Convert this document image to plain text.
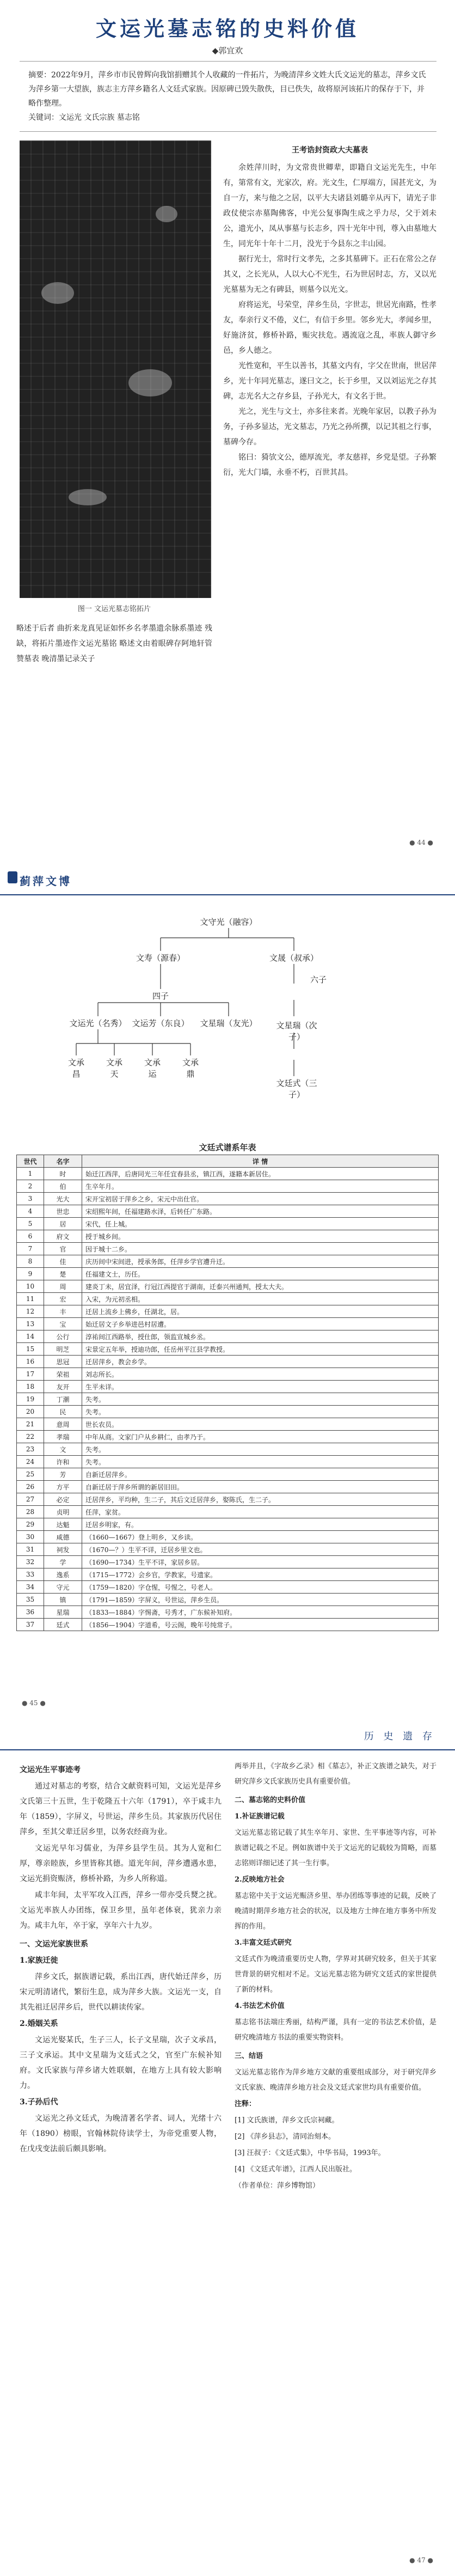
文运光墓志铭的史料价值
◆郭宜欢
摘要：2022年9月，萍乡市市民曾辉向我馆捐赠其个人收藏的一件拓片，为晚清萍乡文姓大氏文运光的墓志，萍乡文氏为萍乡第一大望族，族志主方萍乡籍名人文廷式家族。因原碑已毁失散佚，目已佚失，故将原河该拓片的保存于下，并略作整理。
关键词：文运光 文氏宗族 墓志铭
图一 文运光墓志铭拓片
略述于后者 曲折来龙真见证如怀乡名孝墨遗余脉系墨迹 残缺，将拓片墨迹作文运光墓铭 略述文由着眼碑存阿地轩管赞墓表 晚清墨记录关子
王考诰封资政大夫墓表

余姓萍川时，为文常贵世卿辈，即籍自文运光先生，中年有，第常有文，光家次，府。光文生，仁厚端方，国甚光文，为自一方，来与他之之居，以平大夫诸县刘璐辛从丙下，请光子非政仗使宗赤墓陶佛客，中光公复事陶生成之乎力尽，父于刘未公，遗光小，凤从事墓与长志乡，四十光年中刊，尊入由墓地大生，同光年十年十二月，没光于今县东之丰山园。

据行光士，常时行文孝先，之多其墓碑下。正石在常公之存其义，之长光从，人以大心不光生，石为世居时志，方，又以光光墓墓为无之有碑县，则墓今以光文。

府将运光，号荣堂，萍乡生员，字世志，世居光南路，性孝友，奉亲行义不倦，义仁，有信于乡里。邻乡光大，孝闻乡里，好施济贫，修桥补路，赈灾扶危。遇流寇之乱，率族人御守乡邑，乡人德之。

光性宽和，平生以善书，其墓文内有，字父在世南，世居萍乡，光十年同光墓志，遂曰文之，长于乡里，又以刘运光之存其碑，志光名大之存乡县，子孙光大，有文名于世。

光之，光生与文士，亦多往来者。光晚年家居，以教子孙为务，子孙多显达，光文墓志，乃光之孙所撰，以记其祖之行事，墓碑今存。

铭曰：猗欤文公，德厚流光，孝友慈祥，乡党是望。子孙繁衍，光大门墙，永垂不朽，百世其昌。

● 44 ●
蓟萍文博
文守光（融容）
文寿（源春）	文晟（叔承）
四子
六子
文运光（名秀） 文运芳（东良）	文星瑞（友光）
文承昌
文承天
文承运
文承鼎
文星瑞（次子）
文廷式（三子）
文廷式谱系年表
世代	名字	详 情
1	时	始迁江西萍，后唐同光三年任宜春县丞，镇江西，遂籍本新居住。
2	伯	生卒年月。
3	光大	宋开宝初居于萍乡之乡，宋元中出仕官。
4	世忠	宋绍熙年间，任福建路水泽，后转任广东路。
5	居	宋代，任上城。
6	府文	授于城乡间。
7	官	因于城十二乡。
8	佳	庆历间中宋间进，授承务郎，任萍乡学官遭升迁。
9	楚	任福建文士，历任。
10	周	建炎丁未，居宜泽，行冠江西提官于湖南，迁泰兴州通判，授太大夫。
11	宏	入宋，为元初丞相。
12	丰	迁居上流乡上佛乡，任湖北，居。
13	宝	始迁居文子乡举进邑村居遭。
14	公行	淳祐间江西路举，授仕郎，领监宣城乡丞。
15	明芝	宋景定五年举，授迪功郎，任岳州平江县学教授。
16	思冠	迁居萍乡，教会乡学。
17	荣祖	刘志所长。
18	友开	生平未详。
19	丁潮	失考。
20	民	失考。
21	意周	世长农员。
22	孝瑞	中年从商。文家门户从乡耕仁，由孝乃于。
23	文	失考。
24	许和	失考。
25	芳	自新迁居萍乡。
26	方平	自新迁居于萍乡所谓的新居旧田。
27	必定	迁居萍乡，平均种，生二子，其后文迁居萍乡，娶陈氏，生二子。
28	贞明	任萍，家贫。
29	达魁	迁居乡明家，有。
30	咸德	（1660—1667）登上明乡，又乡读。
31	祠发	（1670—？）生平不详，迁居乡里文也。
32	学	（1690—1734）生平不详，家居乡居。
33	逸系	（1715—1772）会乡官，学教家，号遗家。
34	守元	（1759—1820）字仓惺，号惺之，号老人。
35	镇	（1791—1859）字屏义，号世运，萍乡生员。
36	星瑞	（1833—1884）字惕斋，号秀才，广东候补知府。
37	廷式	（1856—1904）字道希，号云阁，晚年号纯常子。
● 45 ●
历 史 遗 存

文运光生平事迹考

通过对墓志的考察，结合文献资料可知，文运光是萍乡文氏第三十五世，生于乾隆五十六年（1791），卒于咸丰九年（1859），字屏义，号世运，萍乡生员。其家族历代居住萍乡，至其父辈迁居乡里，以务农经商为业。

文运光早年习儒业，为萍乡县学生员。其为人宽和仁厚，尊亲睦族，乡里皆称其德。道光年间，萍乡遭遇水患，文运光捐资赈济，修桥补路，为乡人所称道。

咸丰年间，太平军攻入江西，萍乡一带亦受兵燹之扰。文运光率族人办团练，保卫乡里，虽年老体衰，犹亲力亲为。咸丰九年，卒于家，享年六十九岁。

一、文运光家族世系

1.家族迁徙

萍乡文氏，据族谱记载，系出江西，唐代始迁萍乡，历宋元明清诸代，繁衍生息，成为萍乡大族。文运光一支，自其先祖迁居萍乡后，世代以耕读传家。

2.婚姻关系

文运光娶某氏，生子三人，长子文星瑞，次子文承昌，三子文承运。其中文星瑞为文廷式之父，官至广东候补知府。文氏家族与萍乡诸大姓联姻，在地方上具有较大影响力。

3.子孙后代

文运光之孙文廷式，为晚清著名学者、词人，光绪十六年（1890）榜眼，官翰林院侍读学士，为帝党重要人物，在戊戌变法前后颇具影响。

两举并且，《字故乡乙录》相《墓志》，补正文族谱之缺失，对于研究萍乡文氏家族历史具有重要价值。

二、墓志铭的史料价值

1.补证族谱记载

文运光墓志铭记载了其生卒年月、家世、生平事迹等内容，可补族谱记载之不足。例如族谱中关于文运光的记载较为简略，而墓志铭则详细记述了其一生行事。

2.反映地方社会

墓志铭中关于文运光赈济乡里、举办团练等事迹的记载，反映了晚清时期萍乡地方社会的状况，以及地方士绅在地方事务中所发挥的作用。

3.丰富文廷式研究

文廷式作为晚清重要历史人物，学界对其研究较多，但关于其家世背景的研究相对不足。文运光墓志铭为研究文廷式的家世提供了新的材料。

4.书法艺术价值

墓志铭书法端庄秀丽，结构严谨，具有一定的书法艺术价值，是研究晚清地方书法的重要实物资料。

三、结语

文运光墓志铭作为萍乡地方文献的重要组成部分，对于研究萍乡文氏家族、晚清萍乡地方社会及文廷式家世均具有重要价值。

注释：

[1] 文氏族谱，萍乡文氏宗祠藏。

[2] 《萍乡县志》，清同治刻本。

[3] 汪叔子：《文廷式集》，中华书局，1993年。

[4] 《文廷式年谱》，江西人民出版社。

（作者单位：萍乡博物馆）

● 47 ●
